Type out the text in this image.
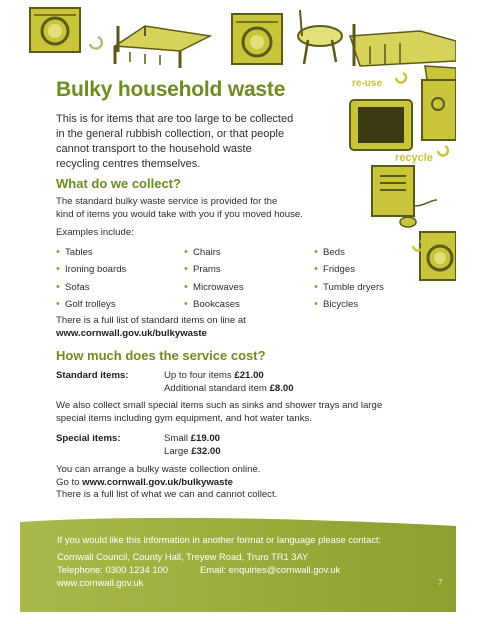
re-use
recycle
Bulky household waste
This is for items that are too large to be collected
in the general rubbish collection, or that people
cannot transport to the household waste
recycling centres themselves.
What do we collect?
The standard bulky waste service is provided for the
kind of items you would take with you if you moved house.
Examples include:
• Tables
• Ironing boards
• Sofas
• Golf trolleys
• Chairs
• Prams
• Microwaves
• Bookcases
• Beds
• Fridges
• Tumble dryers
• Bicycles
There is a full list of standard items on line at
www.cornwall.gov.uk/bulkywaste
How much does the service cost?
Standard items:	Up to four items £21.00
Additional standard item £8.00
We also collect small special items such as sinks and shower trays and large
special items including gym equipment, and hot water tanks.
Special items:	Small £19.00
Large £32.00
You can arrange a bulky waste collection online.
Go to www.cornwall.gov.uk/bulkywaste
There is a full list of what we can and cannot collect.
If you would like this information in another format or language please contact:
Cornwall Council, County Hall, Treyew Road, Truro TR1 3AY
Telephone: 0300 1234 100	Email: enquiries@cornwall.gov.uk
www.cornwall.gov.uk	7
